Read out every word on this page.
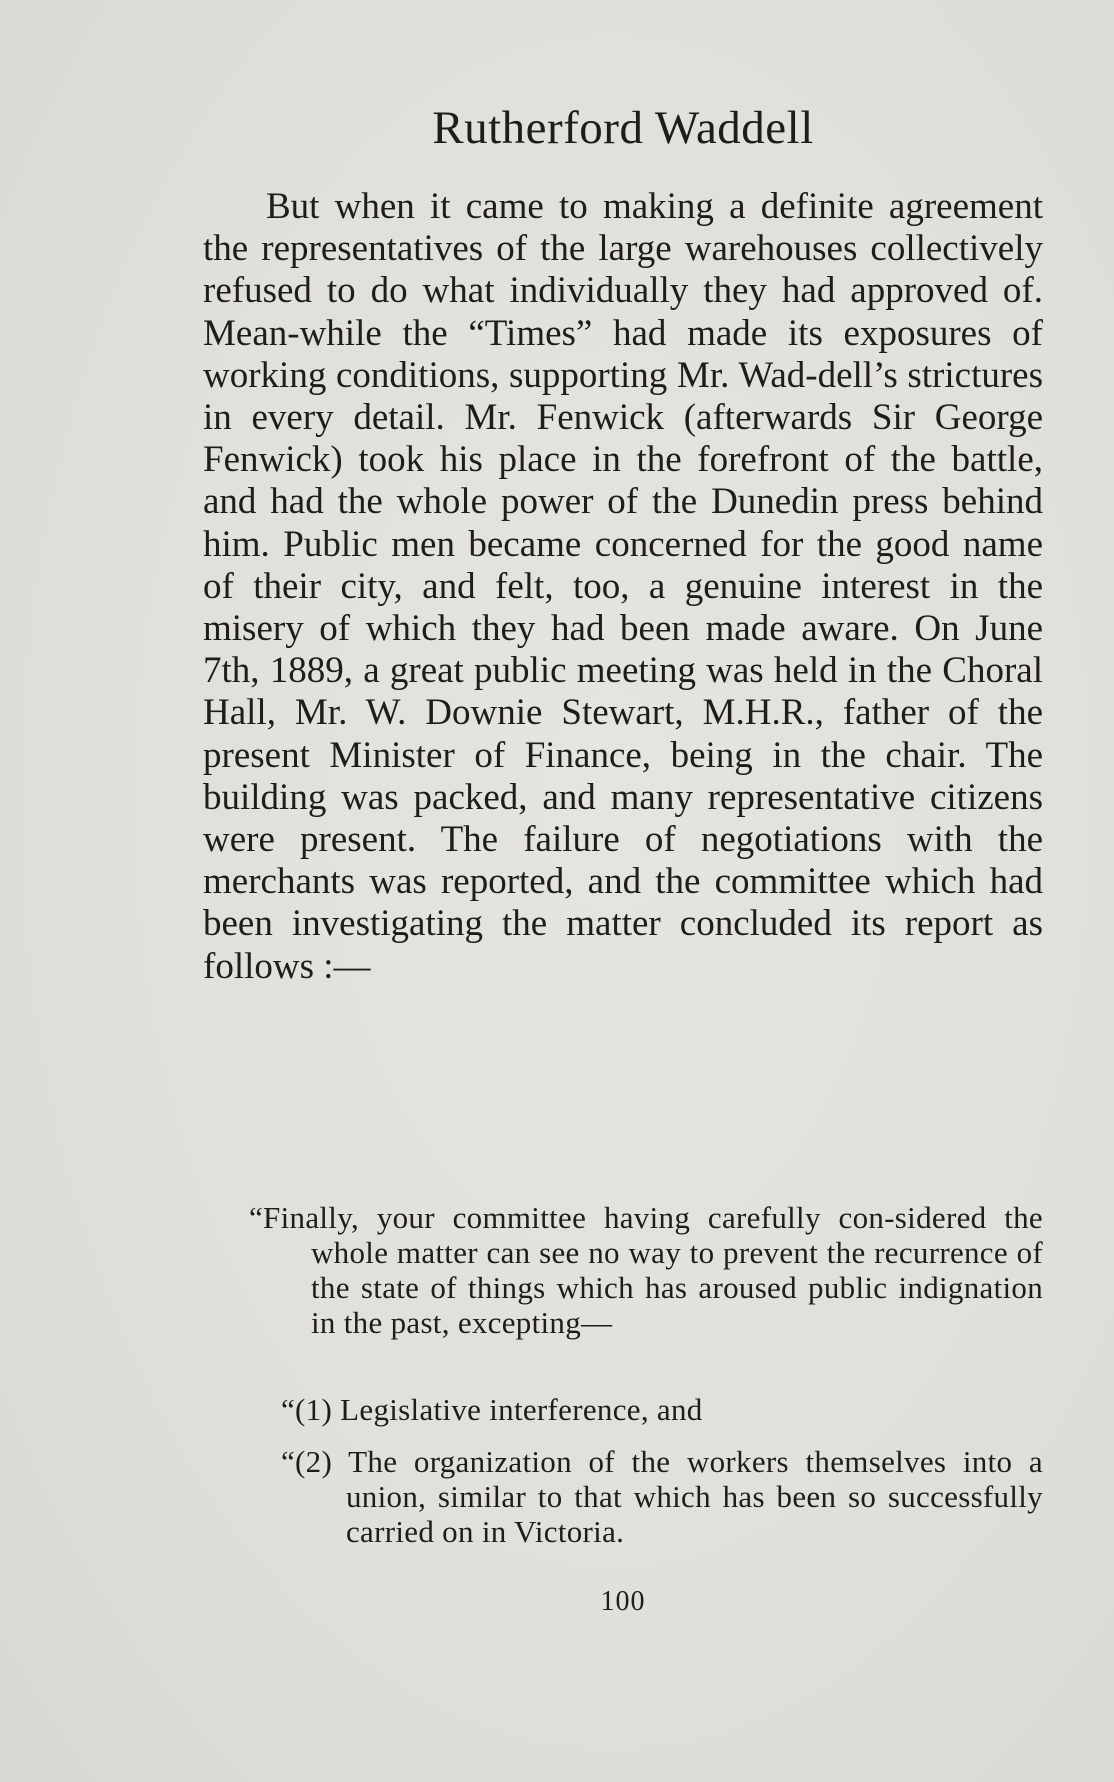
Rutherford Waddell

But when it came to making a definite agreement the representatives of the large warehouses collectively refused to do what individually they had approved of. Mean-while the “Times” had made its exposures of working conditions, supporting Mr. Wad-dell’s strictures in every detail. Mr. Fenwick (afterwards Sir George Fenwick) took his place in the forefront of the battle, and had the whole power of the Dunedin press behind him. Public men became concerned for the good name of their city, and felt, too, a genuine interest in the misery of which they had been made aware. On June 7th, 1889, a great public meeting was held in the Choral Hall, Mr. W. Downie Stewart, M.H.R., father of the present Minister of Finance, being in the chair. The building was packed, and many representative citizens were present. The failure of negotiations with the merchants was reported, and the committee which had been investigating the matter concluded its report as follows :—

“Finally, your committee having carefully con-sidered the whole matter can see no way to prevent the recurrence of the state of things which has aroused public indignation in the past, excepting—

“(1) Legislative interference, and

“(2) The organization of the workers themselves into a union, similar to that which has been so successfully carried on in Victoria.

100
